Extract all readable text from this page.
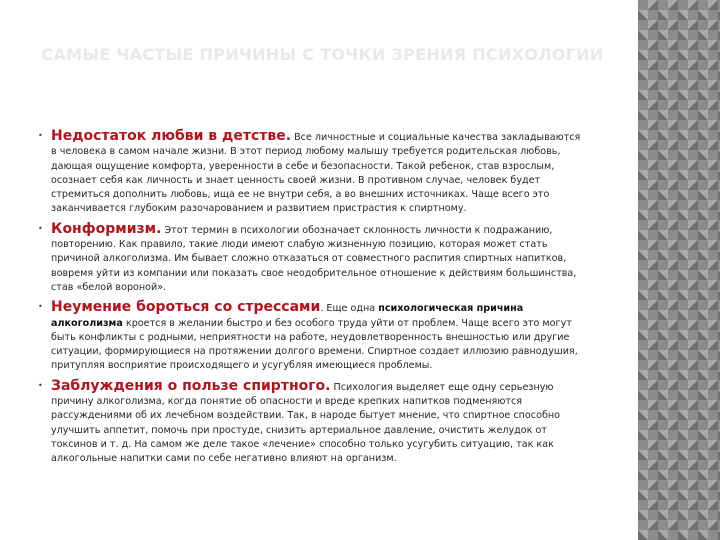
САМЫЕ ЧАСТЫЕ ПРИЧИНЫ С ТОЧКИ ЗРЕНИЯ ПСИХОЛОГИИ
• Недостаток любви в детстве. Все личностные и социальные качества закладываются в человека в самом начале жизни. В этот период любому малышу требуется родительская любовь, дающая ощущение комфорта, уверенности в себе и безопасности. Такой ребенок, став взрослым, осознает себя как личность и знает ценность своей жизни. В противном случае, человек будет стремиться дополнить любовь, ища ее не внутри себя, а во внешних источниках. Чаще всего это заканчивается глубоким разочарованием и развитием пристрастия к спиртному.
• Конформизм. Этот термин в психологии обозначает склонность личности к подражанию, повторению. Как правило, такие люди имеют слабую жизненную позицию, которая может стать причиной алкоголизма. Им бывает сложно отказаться от совместного распития спиртных напитков, вовремя уйти из компании или показать свое неодобрительное отношение к действиям большинства, став «белой вороной».
• Неумение бороться со стрессами. Еще одна психологическая причина алкоголизма кроется в желании быстро и без особого труда уйти от проблем. Чаще всего это могут быть конфликты с родными, неприятности на работе, неудовлетворенность внешностью или другие ситуации, формирующиеся на протяжении долгого времени. Спиртное создает иллюзию равнодушия, притупляя восприятие происходящего и усугубляя имеющиеся проблемы.
• Заблуждения о пользе спиртного. Психология выделяет еще одну серьезную причину алкоголизма, когда понятие об опасности и вреде крепких напитков подменяются рассуждениями об их лечебном воздействии. Так, в народе бытует мнение, что спиртное способно улучшить аппетит, помочь при простуде, снизить артериальное давление, очистить желудок от токсинов и т. д. На самом же деле такое «лечение» способно только усугубить ситуацию, так как алкогольные напитки сами по себе негативно влияют на организм.
